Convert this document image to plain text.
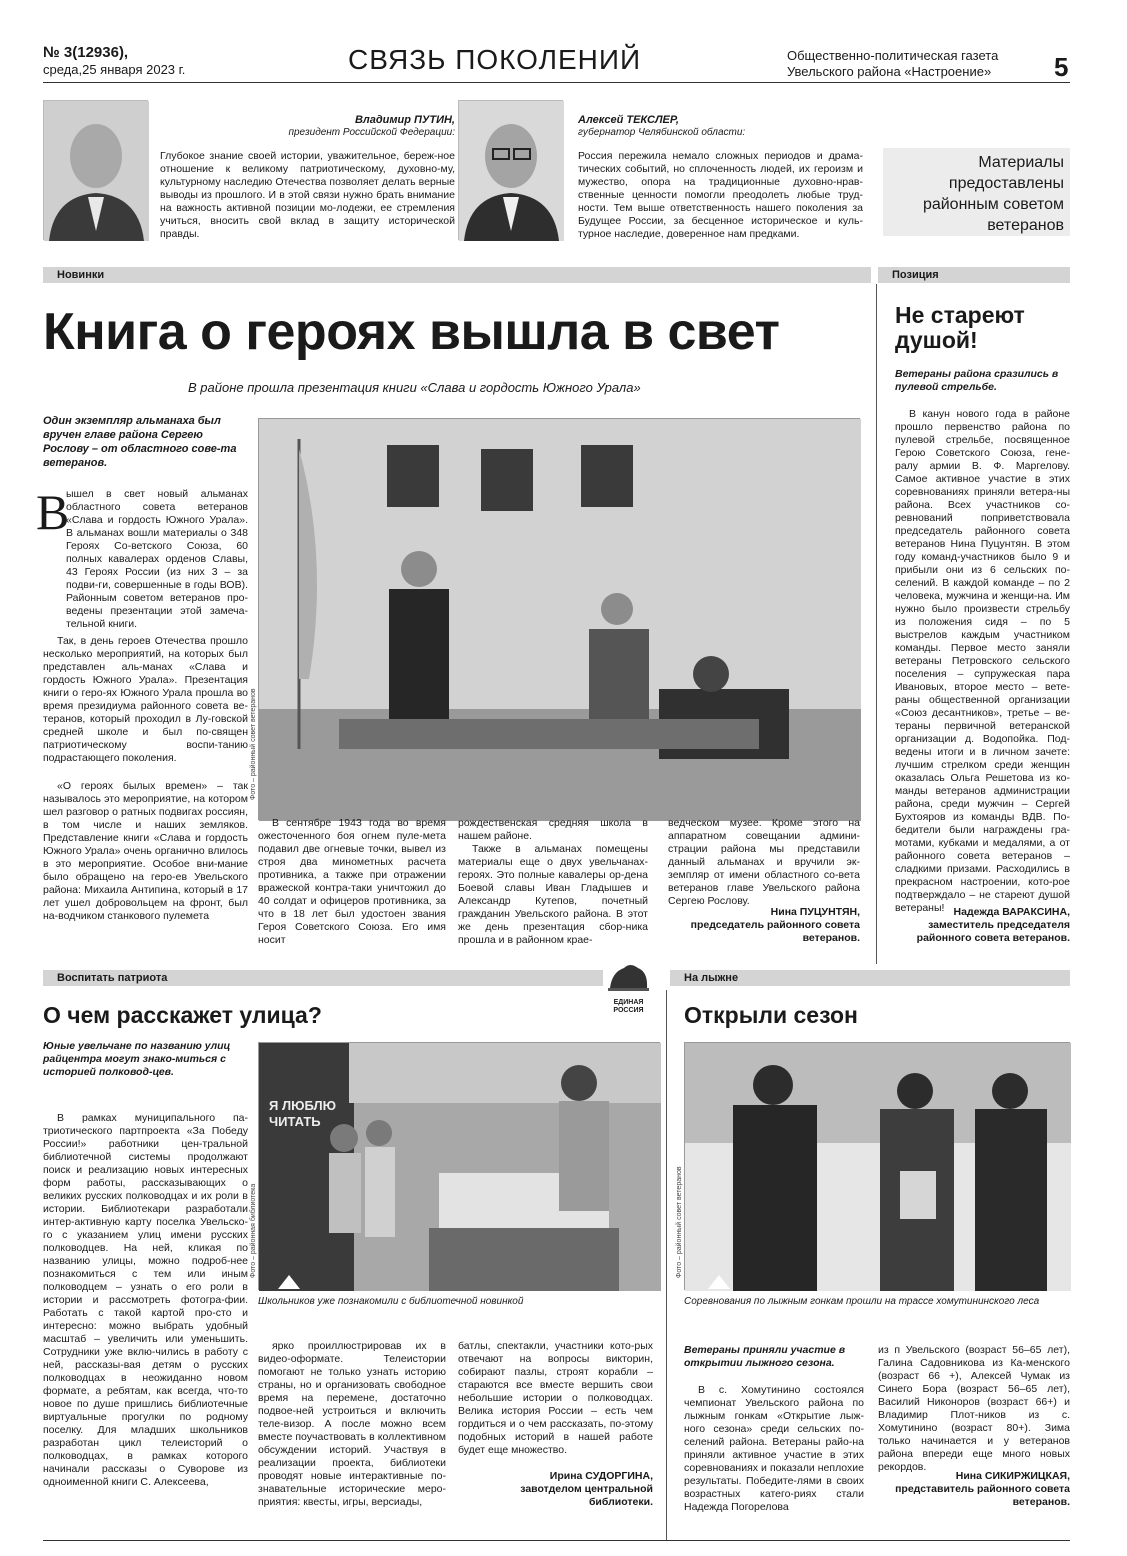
№ 3(12936),
среда,25 января 2023 г.	СВЯЗЬ ПОКОЛЕНИЙ	Общественно-политическая газета
Увельского района «Настроение» 5
Владимир ПУТИН,
президент Российской Федерации:
Глубокое знание своей истории, уважительное, береж-ное отношение к великому патриотическому, духовно-му, культурному наследию Отечества позволяет делать верные выводы из прошлого. И в этой связи нужно брать внимание на важность активной позиции мо-лодежи, ее стремления учиться, вносить свой вклад в защиту исторической правды.
Алексей ТЕКСЛЕР,
губернатор Челябинской области:
Россия пережила немало сложных периодов и драма-тических событий, но сплоченность людей, их героизм и мужество, опора на традиционные духовно-нрав-ственные ценности помогли преодолеть любые труд-ности. Тем выше ответственность нашего поколения за Будущее России, за бесценное историческое и куль-турное наследие, доверенное нам предками.
Материалы предоставлены районным советом ветеранов
Новинки	Позиция
Книга о героях вышла в свет
В районе прошла презентация книги «Слава и гордость Южного Урала»
Один экземпляр альманаха был вручен главе района Сергею Рослову – от областного сове-та ветеранов.
В
ышел в свет новый альманах областного совета ветеранов «Слава и гордость Южного Урала». В альманах вошли материалы о 348 Героях Со-ветского Союза, 60 полных кавалерах орденов Славы, 43 Героях России (из них 3 – за подви-ги, совершенные в годы ВОВ). Районным советом ветеранов про-ведены презентации этой замеча-тельной книги.

Так, в день героев Отечества прошло несколько мероприятий, на которых был представлен аль-манах «Слава и гордость Южного Урала». Презентация книги о геро-ях Южного Урала прошла во время президиума районного совета ве-теранов, который проходил в Лу-говской средней школе и был по-священ патриотическому воспи-танию подрастающего поколения.

«О героях былых времен» – так называлось это мероприятие, на котором шел разговор о ратных подвигах россиян, в том числе и наших земляков. Представление книги «Слава и гордость Южного Урала» очень органично влилось в это мероприятие. Особое вни-мание было обращено на геро-ев Увельского района: Михаила Антипина, который в 17 лет ушел добровольцем на фронт, был на-водчиком станкового пулемета

Фото – районный совет ветеранов

В сентябре 1943 года во время ожесточенного боя огнем пуле-мета подавил две огневые точки, вывел из строя два минометных расчета противника, а также при отражении вражеской контра-таки уничтожил до 40 солдат и офицеров противника, за что в 18 лет был удостоен звания Героя Советского Союза. Его имя носит

рождественская средняя школа в нашем районе.

Также в альманах помещены материалы еще о двух увельчанах-героях. Это полные кавалеры ор-дена Боевой славы Иван Гладышев и Александр Кутепов, почетный гражданин Увельского района. В этот же день презентация сбор-ника прошла и в районном крае-

ведческом музее. Кроме этого на аппаратном совещании админи-страции района мы представили данный альманах и вручили эк-земпляр от имени областного со-вета ветеранов главе Увельского района Сергею Рослову.
Нина ПУЦУНТЯН,
председатель районного совета ветеранов.
Не стареют душой!
Ветераны района сразились в пулевой стрельбе.

В канун нового года в районе прошло первенство района по пулевой стрельбе, посвященное Герою Советского Союза, гене-ралу армии В. Ф. Маргелову. Самое активное участие в этих соревнованиях приняли ветера-ны района. Всех участников со-ревнований поприветствовала председатель районного совета ветеранов Нина Пуцунтян. В этом году команд-участников было 9 и прибыли они из 6 сельских по-селений. В каждой команде – по 2 человека, мужчина и женщи-на. Им нужно было произвести стрельбу из положения сидя – по 5 выстрелов каждым участником команды. Первое место заняли ветераны Петровского сельского поселения – супружеская пара Ивановых, второе место – вете-раны общественной организации «Союз десантников», третье – ве-тераны первичной ветеранской организации д. Водопойка. Под-ведены итоги и в личном зачете: лучшим стрелком среди женщин оказалась Ольга Решетова из ко-манды ветеранов администрации района, среди мужчин – Сергей Бухтояров из команды ВДВ. По-бедители были награждены гра-мотами, кубками и медалями, а от районного совета ветеранов – сладкими призами. Расходились в прекрасном настроении, кото-рое подтверждало – не стареют душой ветераны! Надежда ВАРАКСИНА,
заместитель председателя районного совета ветеранов.
Воспитать патриота
ЕДИНАЯ РОССИЯ
На лыжне
О чем расскажет улица?
Юные увельчане по названию улиц райцентра могут знако-миться с историей полковод-цев.

В рамках муниципального па-триотического партпроекта «За Победу России!» работники цен-тральной библиотечной системы продолжают поиск и реализацию новых интересных форм работы, рассказывающих о великих русских полководцах и их роли в истории. Библиотекари разработали интер-активную карту поселка Увельско-го с указанием улиц имени русских полководцев. На ней, кликая по названию улицы, можно подроб-нее познакомиться с тем или иным полководцем – узнать о его роли в истории и рассмотреть фотогра-фии. Работать с такой картой про-сто и интересно: можно выбрать удобный масштаб – увеличить или уменьшить. Сотрудники уже вклю-чились в работу с ней, рассказы-вая детям о русских полководцах в неожиданно новом формате, а ребятам, как всегда, что-то новое по душе пришлись библиотечные виртуальные прогулки по родному поселку. Для младших школьников разработан цикл телеисторий о полководцах, в рамках которого начинали рассказы о Суворове из одноименной книги С. Алексеева,

Я ЛЮБЛЮ ЧИТАТЬ
Фото – районная библиотека
Школьников уже познакомили с библиотечной новинкой

ярко проиллюстрировав их в видео-оформате. Телеистории помогают не только узнать историю страны, но и организовать свободное время на перемене, достаточно подвое-ней устроиться и включить теле-визор. А после можно всем вместе поучаствовать в коллективном обсуждении историй. Участвуя в реализации проекта, библиотеки проводят новые интерактивные по-знавательные исторические меро-приятия: квесты, игры, версиады,

батлы, спектакли, участники кото-рых отвечают на вопросы викторин, собирают пазлы, строят корабли – стараются все вместе вершить свои небольшие истории о полководцах. Велика история России – есть чем гордиться и о чем рассказать, по-этому подобных историй в нашей работе будет еще множество.
Ирина СУДОРГИНА,
завотделом центральной библиотеки.
Открыли сезон
Фото – районный совет ветеранов
Соревнования по лыжным гонкам прошли на трассе хомутининского леса
Ветераны приняли участие в открытии лыжного сезона.

В с. Хомутинино состоялся чемпионат Увельского района по лыжным гонкам «Открытие лыж-ного сезона» среди сельских по-селений района. Ветераны райо-на приняли активное участие в этих соревнованиях и показали неплохие результаты. Победите-лями в своих возрастных катего-риях стали Надежда Погорелова

из п Увельского (возраст 56–65 лет), Галина Садовникова из Ка-менского (возраст 66 +), Алексей Чумак из Синего Бора (возраст 56–65 лет), Василий Никоноров (возраст 66+) и Владимир Плот-ников из с. Хомутинино (возраст 80+). Зима только начинается и у ветеранов района впереди еще много новых рекордов.
Нина СИКИРЖИЦКАЯ,
представитель районного совета ветеранов.
